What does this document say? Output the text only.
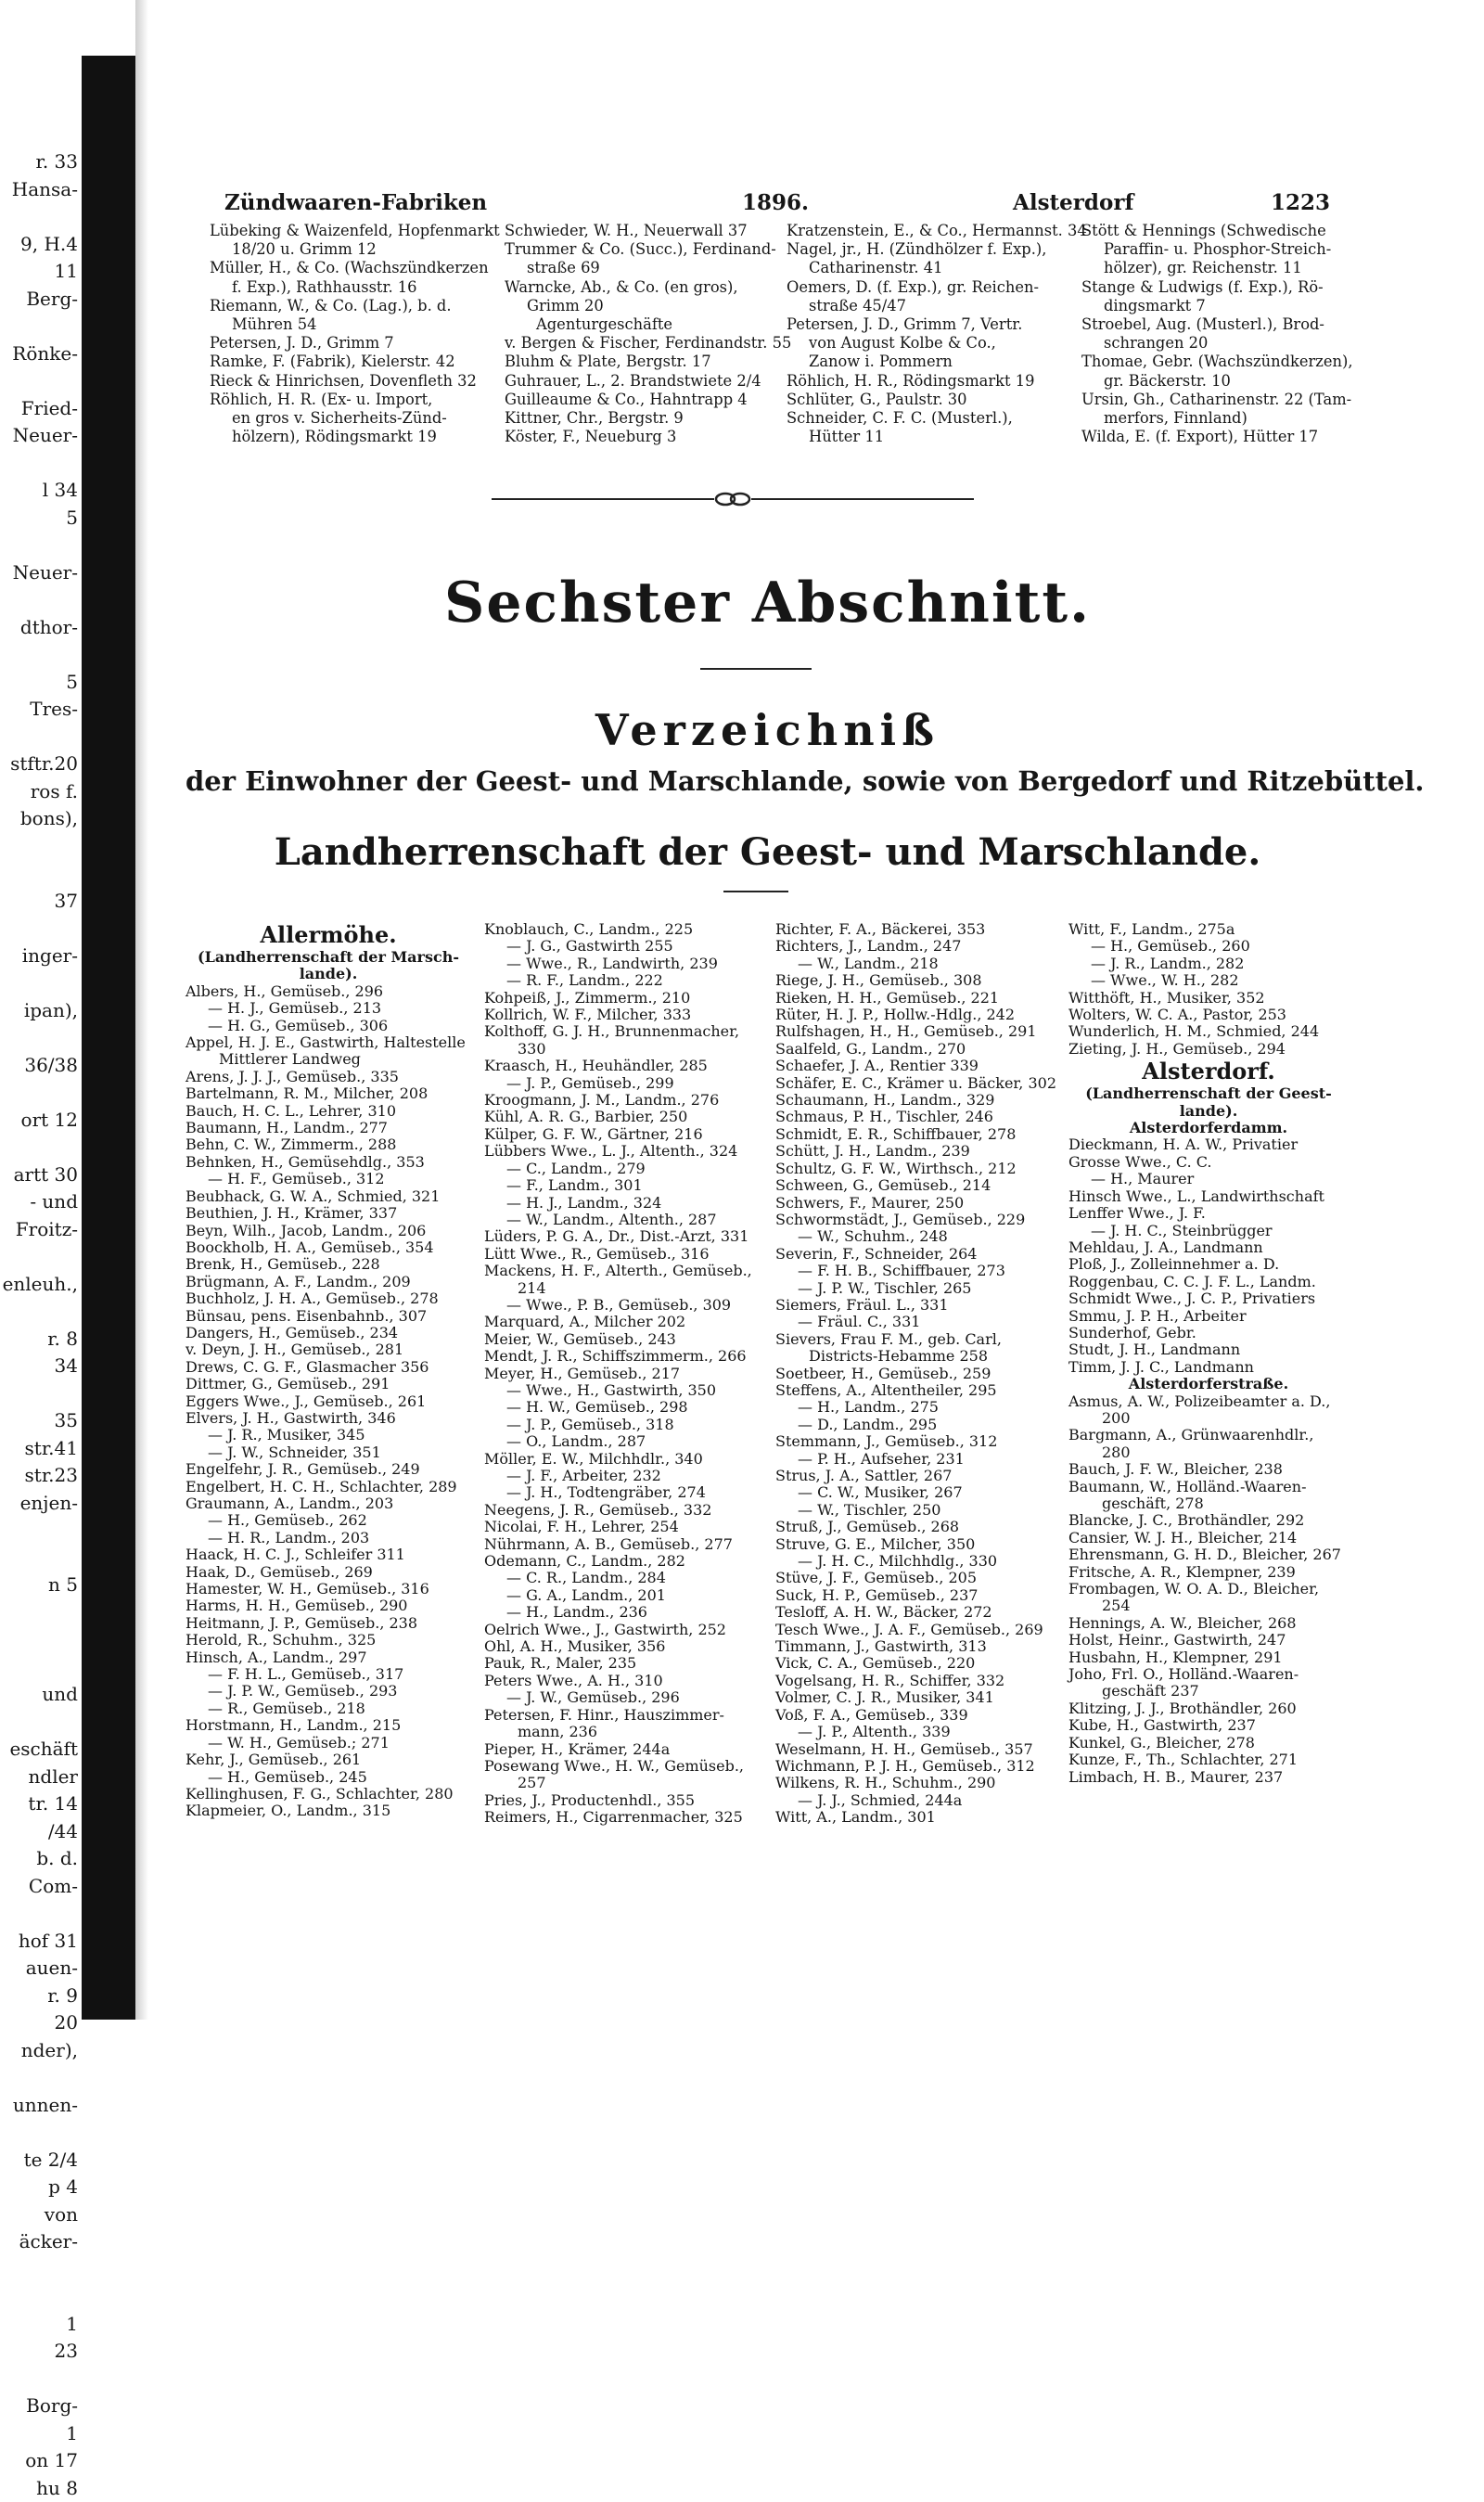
r. 33
Hansa-

9, H.4
11
Berg-

Rönke-

Fried-
Neuer-

l 34
5

Neuer-

dthor-

5
Tres-

stftr.20
ros f.
bons),

37

inger-

ipan),

36/38

ort 12

artt 30
- und
Froitz-

enleuh.,

r. 8
34

35
str.41
str.23
enjen-

n 5

und

eschäft
ndler
tr. 14
/44
b. d.
Com-

hof 31
auen-
r. 9
20
nder),

unnen-

te 2/4
p 4
von
äcker-

1
23

Borg-
1
on 17
hu 8
Zündwaaren-Fabriken	1896.	Alsterdorf	1223
Lübeking & Waizenfeld, Hopfenmarkt
18/20 u. Grimm 12
Müller, H., & Co. (Wachszündkerzen
f. Exp.), Rathhausstr. 16
Riemann, W., & Co. (Lag.), b. d.
Mühren 54
Petersen, J. D., Grimm 7
Ramke, F. (Fabrik), Kielerstr. 42
Rieck & Hinrichsen, Dovenfleth 32
Röhlich, H. R. (Ex- u. Import,
en gros v. Sicherheits-Zünd-
hölzern), Rödingsmarkt 19
Schwieder, W. H., Neuerwall 37
Trummer & Co. (Succ.), Ferdinand-
straße 69
Warncke, Ab., & Co. (en gros),
Grimm 20
Agenturgeschäfte
v. Bergen & Fischer, Ferdinandstr. 55
Bluhm & Plate, Bergstr. 17
Guhrauer, L., 2. Brandstwiete 2/4
Guilleaume & Co., Hahntrapp 4
Kittner, Chr., Bergstr. 9
Köster, F., Neueburg 3
Kratzenstein, E., & Co., Hermannst. 34
Nagel, jr., H. (Zündhölzer f. Exp.),
Catharinenstr. 41
Oemers, D. (f. Exp.), gr. Reichen-
straße 45/47
Petersen, J. D., Grimm 7, Vertr.
von August Kolbe & Co.,
Zanow i. Pommern
Röhlich, H. R., Rödingsmarkt 19
Schlüter, G., Paulstr. 30
Schneider, C. F. C. (Musterl.),
Hütter 11
Stött & Hennings (Schwedische
Paraffin- u. Phosphor-Streich-
hölzer), gr. Reichenstr. 11
Stange & Ludwigs (f. Exp.), Rö-
dingsmarkt 7
Stroebel, Aug. (Musterl.), Brod-
schrangen 20
Thomae, Gebr. (Wachszündkerzen),
gr. Bäckerstr. 10
Ursin, Gh., Catharinenstr. 22 (Tam-
merfors, Finnland)
Wilda, E. (f. Export), Hütter 17
Sechster Abschnitt.
Verzeichniß
der Einwohner der Geest- und Marschlande, sowie von Bergedorf und Ritzebüttel.
Landherrenschaft der Geest- und Marschlande.
Allermöhe.
(Landherrenschaft der Marsch-
lande).
Albers, H., Gemüseb., 296
— H. J., Gemüseb., 213
— H. G., Gemüseb., 306
Appel, H. J. E., Gastwirth, Haltestelle
Mittlerer Landweg
Arens, J. J. J., Gemüseb., 335
Bartelmann, R. M., Milcher, 208
Bauch, H. C. L., Lehrer, 310
Baumann, H., Landm., 277
Behn, C. W., Zimmerm., 288
Behnken, H., Gemüsehdlg., 353
— H. F., Gemüseb., 312
Beubhack, G. W. A., Schmied, 321
Beuthien, J. H., Krämer, 337
Beyn, Wilh., Jacob, Landm., 206
Boockholb, H. A., Gemüseb., 354
Brenk, H., Gemüseb., 228
Brügmann, A. F., Landm., 209
Buchholz, J. H. A., Gemüseb., 278
Bünsau, pens. Eisenbahnb., 307
Dangers, H., Gemüseb., 234
v. Deyn, J. H., Gemüseb., 281
Drews, C. G. F., Glasmacher 356
Dittmer, G., Gemüseb., 291
Eggers Wwe., J., Gemüseb., 261
Elvers, J. H., Gastwirth, 346
— J. R., Musiker, 345
— J. W., Schneider, 351
Engelfehr, J. R., Gemüseb., 249
Engelbert, H. C. H., Schlachter, 289
Graumann, A., Landm., 203
— H., Gemüseb., 262
— H. R., Landm., 203
Haack, H. C. J., Schleifer 311
Haak, D., Gemüseb., 269
Hamester, W. H., Gemüseb., 316
Harms, H. H., Gemüseb., 290
Heitmann, J. P., Gemüseb., 238
Herold, R., Schuhm., 325
Hinsch, A., Landm., 297
— F. H. L., Gemüseb., 317
— J. P. W., Gemüseb., 293
— R., Gemüseb., 218
Horstmann, H., Landm., 215
— W. H., Gemüseb.; 271
Kehr, J., Gemüseb., 261
— H., Gemüseb., 245
Kellinghusen, F. G., Schlachter, 280
Klapmeier, O., Landm., 315
Knoblauch, C., Landm., 225
— J. G., Gastwirth 255
— Wwe., R., Landwirth, 239
— R. F., Landm., 222
Kohpeiß, J., Zimmerm., 210
Kollrich, W. F., Milcher, 333
Kolthoff, G. J. H., Brunnenmacher,
330
Kraasch, H., Heuhändler, 285
— J. P., Gemüseb., 299
Kroogmann, J. M., Landm., 276
Kühl, A. R. G., Barbier, 250
Külper, G. F. W., Gärtner, 216
Lübbers Wwe., L. J., Altenth., 324
— C., Landm., 279
— F., Landm., 301
— H. J., Landm., 324
— W., Landm., Altenth., 287
Lüders, P. G. A., Dr., Dist.-Arzt, 331
Lütt Wwe., R., Gemüseb., 316
Mackens, H. F., Alterth., Gemüseb.,
214
— Wwe., P. B., Gemüseb., 309
Marquard, A., Milcher 202
Meier, W., Gemüseb., 243
Mendt, J. R., Schiffszimmerm., 266
Meyer, H., Gemüseb., 217
— Wwe., H., Gastwirth, 350
— H. W., Gemüseb., 298
— J. P., Gemüseb., 318
— O., Landm., 287
Möller, E. W., Milchhdlr., 340
— J. F., Arbeiter, 232
— J. H., Todtengräber, 274
Neegens, J. R., Gemüseb., 332
Nicolai, F. H., Lehrer, 254
Nührmann, A. B., Gemüseb., 277
Odemann, C., Landm., 282
— C. R., Landm., 284
— G. A., Landm., 201
— H., Landm., 236
Oelrich Wwe., J., Gastwirth, 252
Ohl, A. H., Musiker, 356
Pauk, R., Maler, 235
Peters Wwe., A. H., 310
— J. W., Gemüseb., 296
Petersen, F. Hinr., Hauszimmer-
mann, 236
Pieper, H., Krämer, 244a
Posewang Wwe., H. W., Gemüseb.,
257
Pries, J., Productenhdl., 355
Reimers, H., Cigarrenmacher, 325
Richter, F. A., Bäckerei, 353
Richters, J., Landm., 247
— W., Landm., 218
Riege, J. H., Gemüseb., 308
Rieken, H. H., Gemüseb., 221
Rüter, H. J. P., Hollw.-Hdlg., 242
Rulfshagen, H., H., Gemüseb., 291
Saalfeld, G., Landm., 270
Schaefer, J. A., Rentier 339
Schäfer, E. C., Krämer u. Bäcker, 302
Schaumann, H., Landm., 329
Schmaus, P. H., Tischler, 246
Schmidt, E. R., Schiffbauer, 278
Schütt, J. H., Landm., 239
Schultz, G. F. W., Wirthsch., 212
Schween, G., Gemüseb., 214
Schwers, F., Maurer, 250
Schwormstädt, J., Gemüseb., 229
— W., Schuhm., 248
Severin, F., Schneider, 264
— F. H. B., Schiffbauer, 273
— J. P. W., Tischler, 265
Siemers, Fräul. L., 331
— Fräul. C., 331
Sievers, Frau F. M., geb. Carl,
Districts-Hebamme 258
Soetbeer, H., Gemüseb., 259
Steffens, A., Altentheiler, 295
— H., Landm., 275
— D., Landm., 295
Stemmann, J., Gemüseb., 312
— P. H., Aufseher, 231
Strus, J. A., Sattler, 267
— C. W., Musiker, 267
— W., Tischler, 250
Struß, J., Gemüseb., 268
Struve, G. E., Milcher, 350
— J. H. C., Milchhdlg., 330
Stüve, J. F., Gemüseb., 205
Suck, H. P., Gemüseb., 237
Tesloff, A. H. W., Bäcker, 272
Tesch Wwe., J. A. F., Gemüseb., 269
Timmann, J., Gastwirth, 313
Vick, C. A., Gemüseb., 220
Vogelsang, H. R., Schiffer, 332
Volmer, C. J. R., Musiker, 341
Voß, F. A., Gemüseb., 339
— J. P., Altenth., 339
Weselmann, H. H., Gemüseb., 357
Wichmann, P. J. H., Gemüseb., 312
Wilkens, R. H., Schuhm., 290
— J. J., Schmied, 244a
Witt, A., Landm., 301
Witt, F., Landm., 275a
— H., Gemüseb., 260
— J. R., Landm., 282
— Wwe., W. H., 282
Witthöft, H., Musiker, 352
Wolters, W. C. A., Pastor, 253
Wunderlich, H. M., Schmied, 244
Zieting, J. H., Gemüseb., 294
Alsterdorf.
(Landherrenschaft der Geest-
lande).
Alsterdorferdamm.
Dieckmann, H. A. W., Privatier
Grosse Wwe., C. C.
— H., Maurer
Hinsch Wwe., L., Landwirthschaft
Lenffer Wwe., J. F.
— J. H. C., Steinbrügger
Mehldau, J. A., Landmann
Ploß, J., Zolleinnehmer a. D.
Roggenbau, C. C. J. F. L., Landm.
Schmidt Wwe., J. C. P., Privatiers
Smmu, J. P. H., Arbeiter
Sunderhof, Gebr.
Studt, J. H., Landmann
Timm, J. J. C., Landmann
Alsterdorferstraße.
Asmus, A. W., Polizeibeamter a. D.,
200
Bargmann, A., Grünwaarenhdlr.,
280
Bauch, J. F. W., Bleicher, 238
Baumann, W., Holländ.-Waaren-
geschäft, 278
Blancke, J. C., Brothändler, 292
Cansier, W. J. H., Bleicher, 214
Ehrensmann, G. H. D., Bleicher, 267
Fritsche, A. R., Klempner, 239
Frombagen, W. O. A. D., Bleicher,
254
Hennings, A. W., Bleicher, 268
Holst, Heinr., Gastwirth, 247
Husbahn, H., Klempner, 291
Joho, Frl. O., Holländ.-Waaren-
geschäft 237
Klitzing, J. J., Brothändler, 260
Kube, H., Gastwirth, 237
Kunkel, G., Bleicher, 278
Kunze, F., Th., Schlachter, 271
Limbach, H. B., Maurer, 237
